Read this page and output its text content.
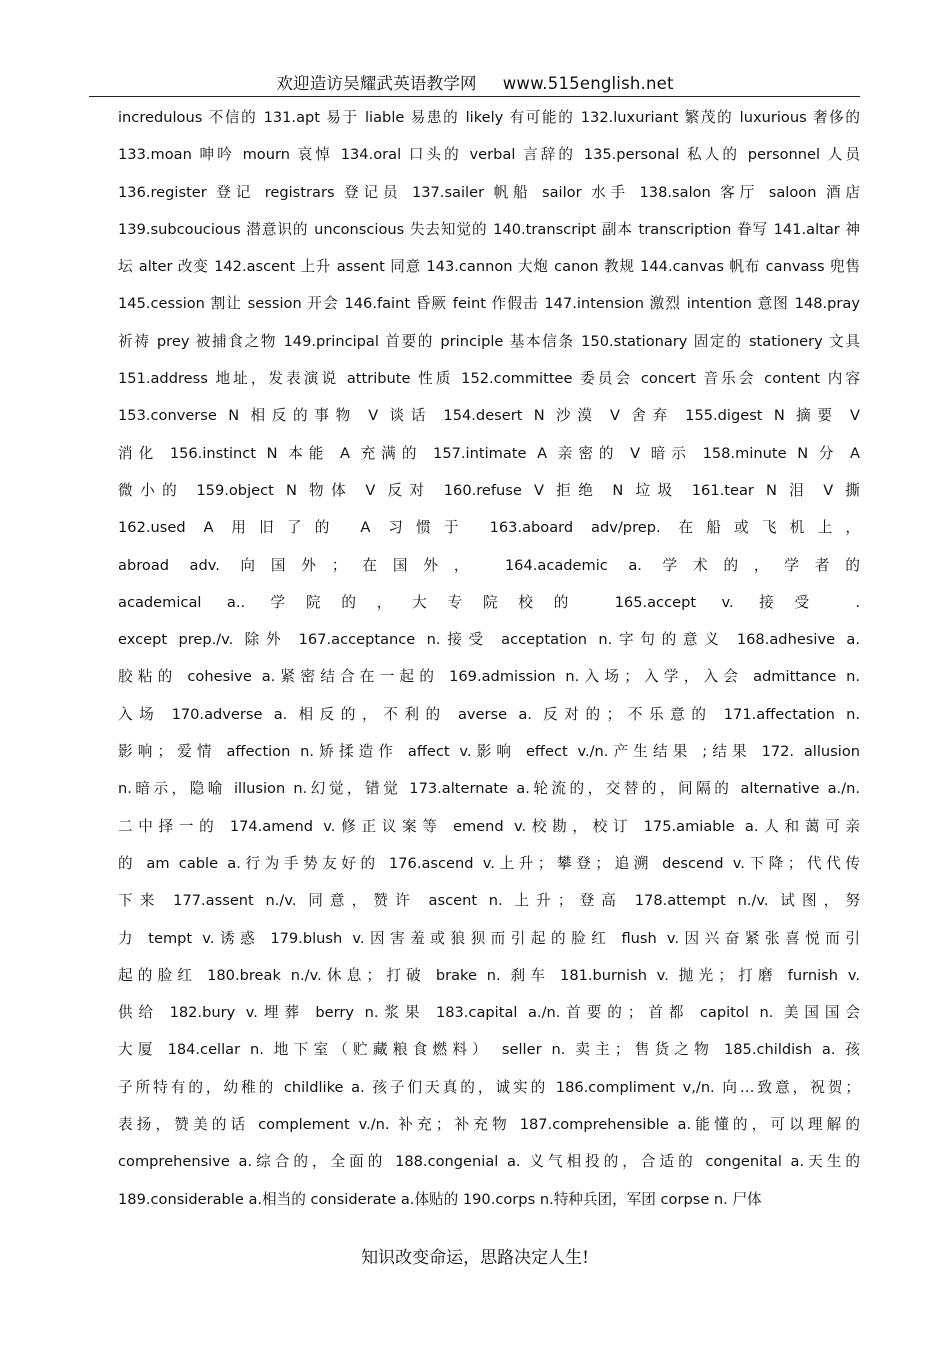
欢迎造访吴耀武英语教学网 www.515english.net
incredulous 不信的 131.apt 易于 liable 易患的 likely 有可能的 132.luxuriant 繁茂的 luxurious 奢侈的
133.moan 呻吟 mourn 哀悼 134.oral 口头的 verbal 言辞的 135.personal 私人的 personnel 人员
136.register 登记 registrars 登记员 137.sailer 帆船 sailor 水手 138.salon 客厅 saloon 酒店
139.subcoucious 潜意识的 unconscious 失去知觉的 140.transcript 副本 transcription 眷写 141.altar 神
坛 alter 改变 142.ascent 上升 assent 同意 143.cannon 大炮 canon 教规 144.canvas 帆布 canvass 兜售
145.cession 割让 session 开会 146.faint 昏厥 feint 作假击 147.intension 激烈 intention 意图 148.pray
祈祷 prey 被捕食之物 149.principal 首要的 principle 基本信条 150.stationary 固定的 stationery 文具
151.address 地址，发表演说 attribute 性质 152.committee 委员会 concert 音乐会 content 内容
153.converse N 相反的事物 V 谈话 154.desert N 沙漠 V 舍弃 155.digest N 摘要 V
消化 156.instinct N 本能 A 充满的 157.intimate A 亲密的 V 暗示 158.minute N 分 A
微小的 159.object N 物体 V 反对 160.refuse V 拒绝 N 垃圾 161.tear N 泪 V 撕
162.used A 用旧了的 A 习惯于 163.aboard adv/prep. 在船或飞机上，
abroad adv. 向国外；在国外， 164.academic a. 学术的，学者的
academical a.. 学院的，大专院校的 165.accept v. 接受 .
except prep./v. 除外 167.acceptance n.接受 acceptation n.字句的意义 168.adhesive a.
胶粘的 cohesive a.紧密结合在一起的 169.admission n.入场；入学，入会 admittance n.
入场 170.adverse a. 相反的，不利的 averse a. 反对的；不乐意的 171.affectation n.
影响；爱情 affection n.矫揉造作 affect v.影响 effect v./n.产生结果 ;结果 172. allusion
n.暗示，隐喻 illusion n.幻觉，错觉 173.alternate a.轮流的，交替的，间隔的 alternative a./n.
二中择一的 174.amend v.修正议案等 emend v.校勘，校订 175.amiable a.人和蔼可亲
的 am cable a.行为手势友好的 176.ascend v.上升；攀登；追溯 descend v.下降；代代传
下来 177.assent n./v. 同意，赞许 ascent n. 上升；登高 178.attempt n./v. 试图，努
力 tempt v.诱惑 179.blush v.因害羞或狼狈而引起的脸红 flush v.因兴奋紧张喜悦而引
起的脸红 180.break n./v.休息；打破 brake n. 刹车 181.burnish v. 抛光；打磨 furnish v.
供给 182.bury v.埋葬 berry n.浆果 183.capital a./n.首要的；首都 capitol n. 美国国会
大厦 184.cellar n. 地下室（贮藏粮食燃料） seller n. 卖主；售货之物 185.childish a. 孩
子所特有的，幼稚的 childlike a. 孩子们天真的，诚实的 186.compliment v,/n. 向…致意，祝贺；
表扬，赞美的话 complement v./n. 补充；补充物 187.comprehensible a.能懂的，可以理解的
comprehensive a.综合的，全面的 188.congenial a. 义气相投的，合适的 congenital a.天生的
189.considerable a.相当的 considerate a.体贴的 190.corps n.特种兵团，军团 corpse n. 尸体
知识改变命运，思路决定人生!
